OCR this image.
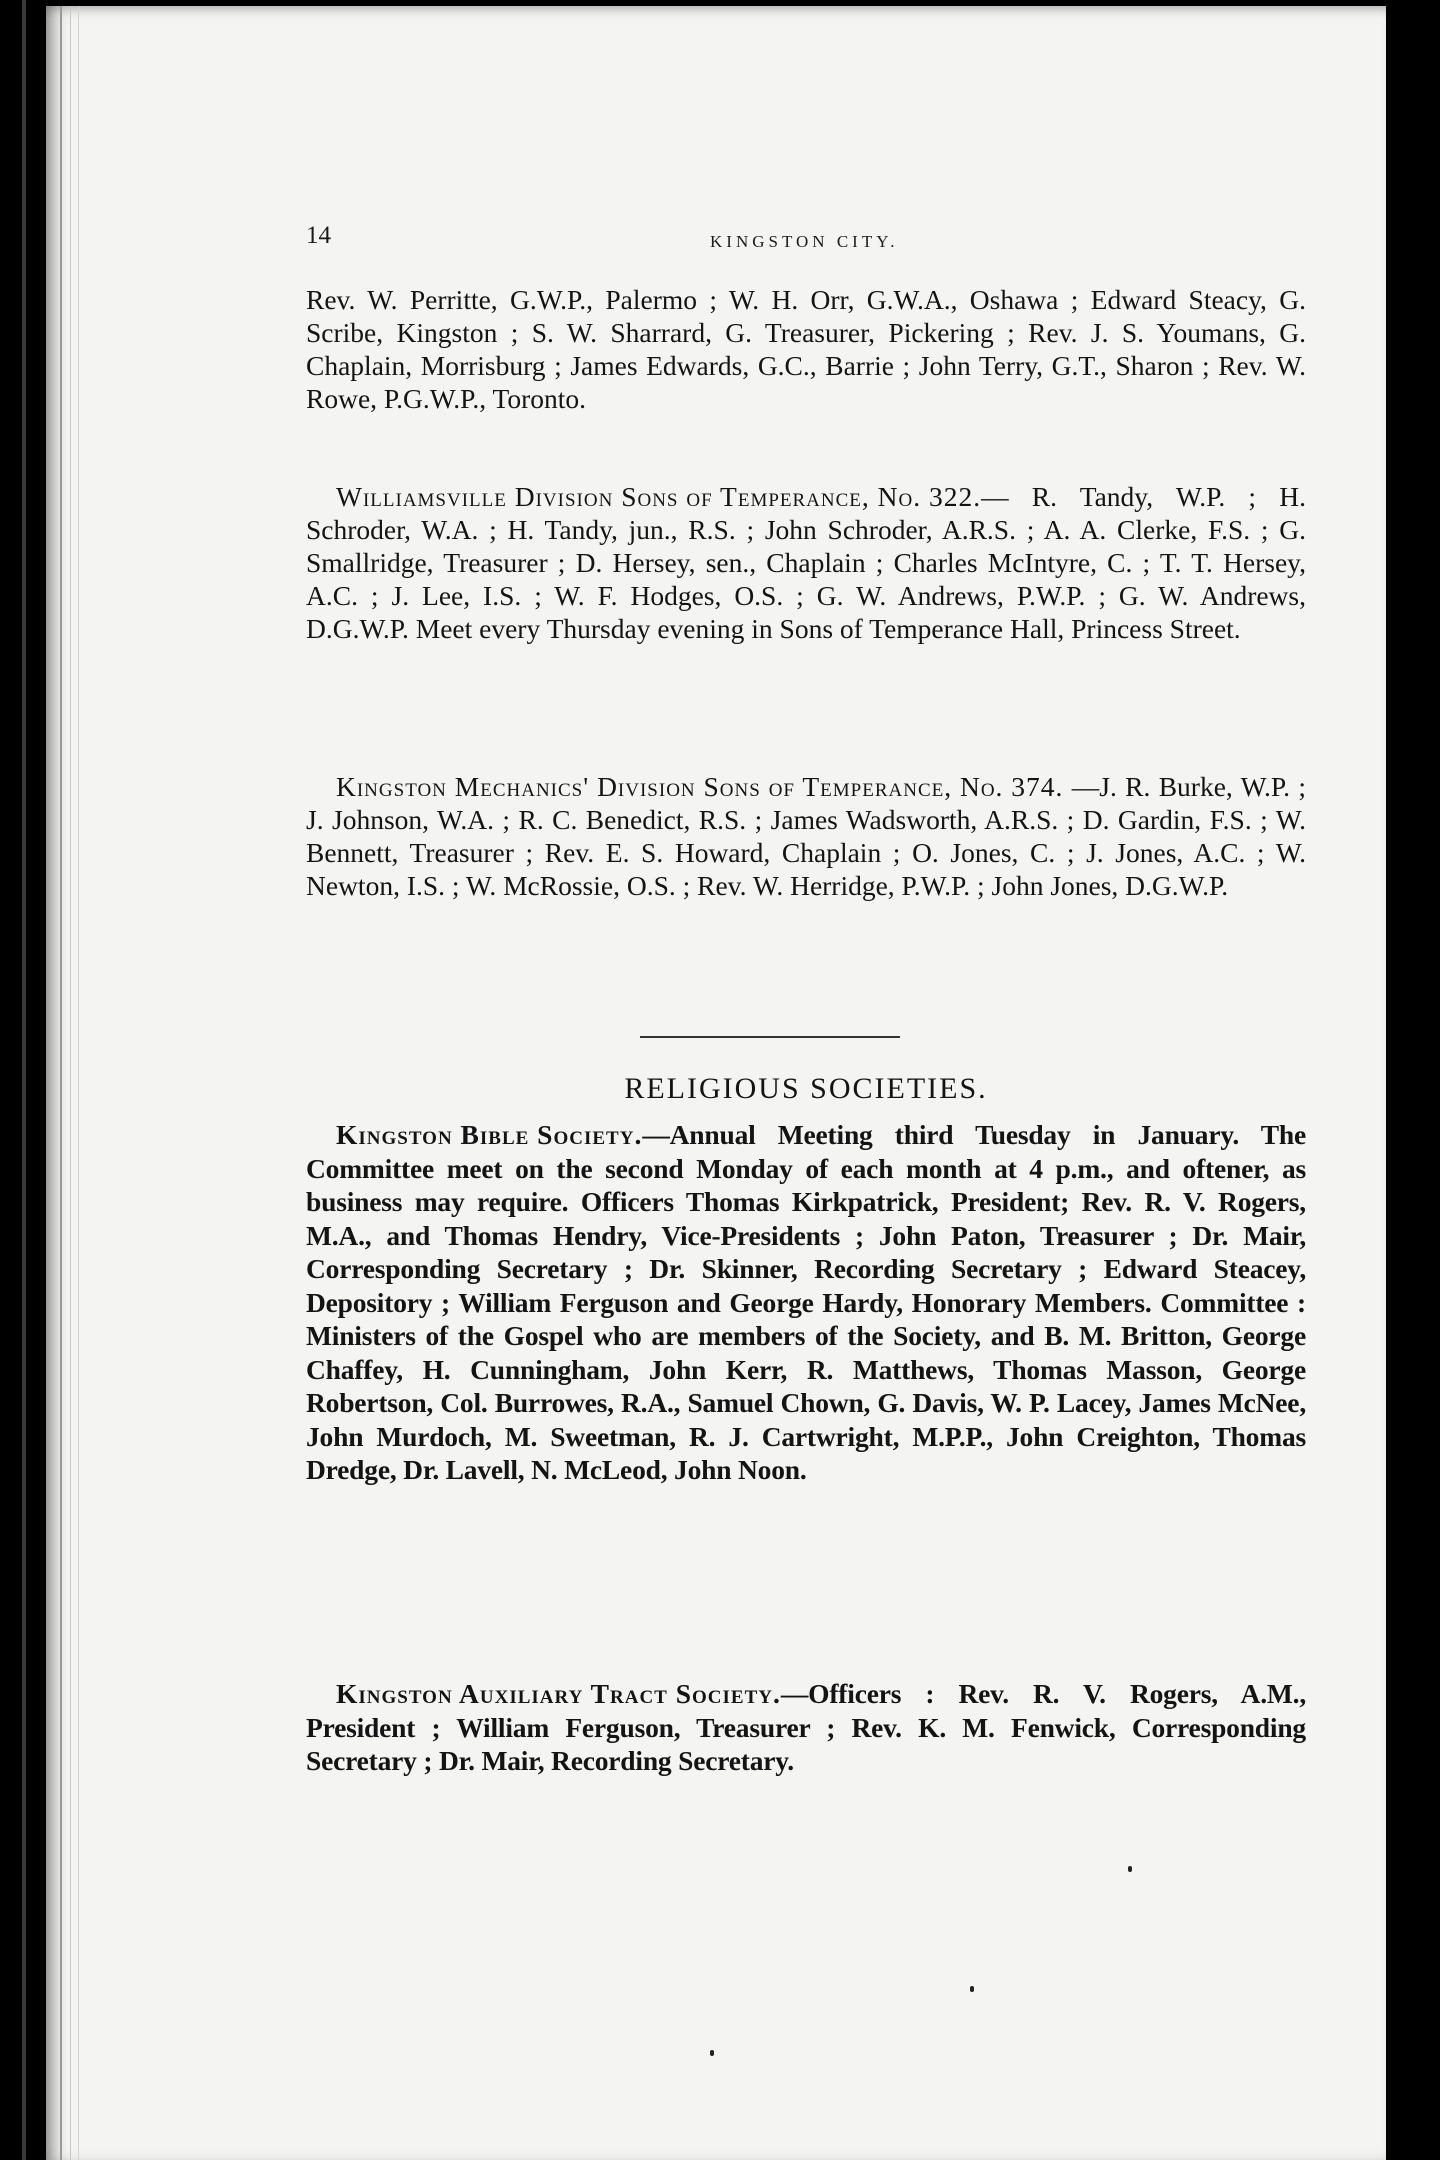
14	KINGSTON CITY.

Rev. W. Perritte, G.W.P., Palermo ; W. H. Orr, G.W.A., Oshawa ; Edward Steacy, G. Scribe, Kingston ; S. W. Sharrard, G. Treasurer, Pickering ; Rev. J. S. Youmans, G. Chaplain, Morrisburg ; James Edwards, G.C., Barrie ; John Terry, G.T., Sharon ; Rev. W. Rowe, P.G.W.P., Toronto.

Williamsville Division Sons of Temperance, No. 322.— R. Tandy, W.P. ; H. Schroder, W.A. ; H. Tandy, jun., R.S. ; John Schroder, A.R.S. ; A. A. Clerke, F.S. ; G. Smallridge, Treasurer ; D. Hersey, sen., Chaplain ; Charles McIntyre, C. ; T. T. Hersey, A.C. ; J. Lee, I.S. ; W. F. Hodges, O.S. ; G. W. Andrews, P.W.P. ; G. W. Andrews, D.G.W.P. Meet every Thursday evening in Sons of Temperance Hall, Princess Street.

Kingston Mechanics' Division Sons of Temperance, No. 374. —J. R. Burke, W.P. ; J. Johnson, W.A. ; R. C. Benedict, R.S. ; James Wadsworth, A.R.S. ; D. Gardin, F.S. ; W. Bennett, Treasurer ; Rev. E. S. Howard, Chaplain ; O. Jones, C. ; J. Jones, A.C. ; W. Newton, I.S. ; W. McRossie, O.S. ; Rev. W. Herridge, P.W.P. ; John Jones, D.G.W.P.

RELIGIOUS SOCIETIES.

Kingston Bible Society.—Annual Meeting third Tuesday in January. The Committee meet on the second Monday of each month at 4 p.m., and oftener, as business may require. Officers Thomas Kirkpatrick, President; Rev. R. V. Rogers, M.A., and Thomas Hendry, Vice-Presidents ; John Paton, Treasurer ; Dr. Mair, Corresponding Secretary ; Dr. Skinner, Recording Secretary ; Edward Steacey, Depository ; William Ferguson and George Hardy, Honorary Members. Committee : Ministers of the Gospel who are members of the Society, and B. M. Britton, George Chaffey, H. Cunningham, John Kerr, R. Matthews, Thomas Masson, George Robertson, Col. Burrowes, R.A., Samuel Chown, G. Davis, W. P. Lacey, James McNee, John Murdoch, M. Sweetman, R. J. Cartwright, M.P.P., John Creighton, Thomas Dredge, Dr. Lavell, N. McLeod, John Noon.

Kingston Auxiliary Tract Society.—Officers : Rev. R. V. Rogers, A.M., President ; William Ferguson, Treasurer ; Rev. K. M. Fenwick, Corresponding Secretary ; Dr. Mair, Recording Secretary.
